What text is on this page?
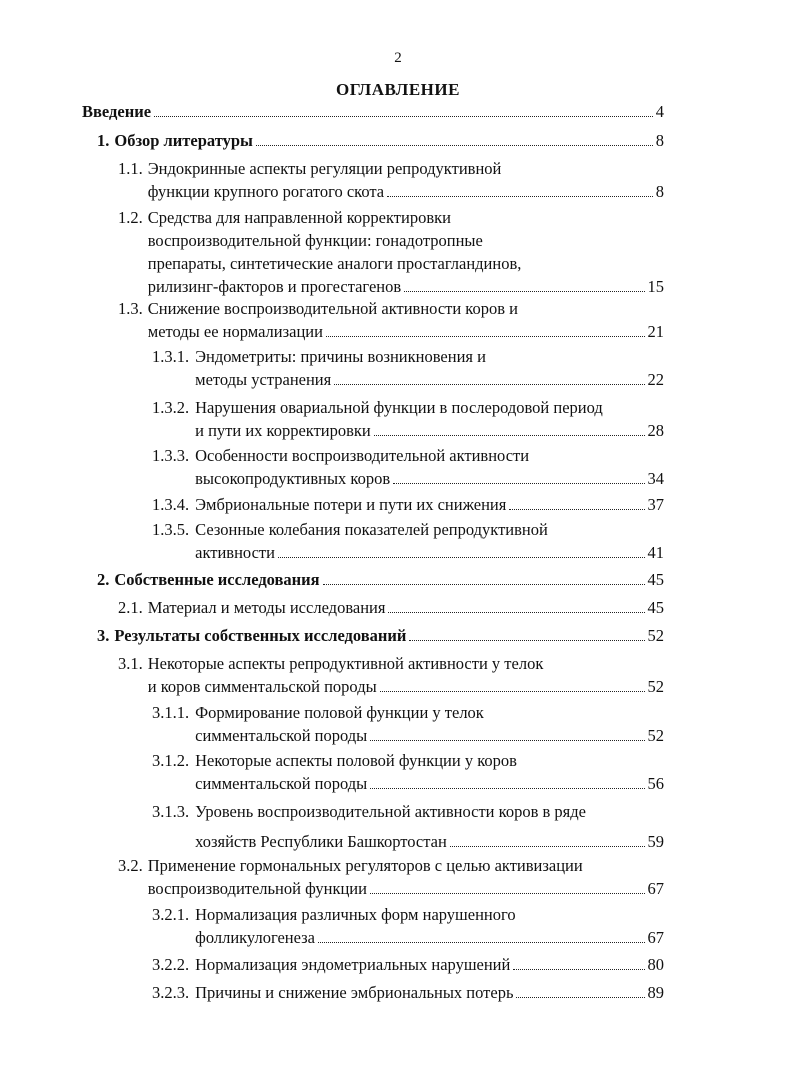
2
ОГЛАВЛЕНИЕ
Введение	4
1. Обзор литературы	8
1.1. Эндокринные аспекты регуляции репродуктивной
функции крупного рогатого скота	8
1.2. Средства для направленной корректировки
воспроизводительной функции: гонадотропные
препараты, синтетические аналоги простагландинов,
рилизинг-факторов и прогестагенов	15
1.3. Снижение воспроизводительной активности коров и
методы ее нормализации	21
1.3.1. Эндометриты: причины возникновения и
методы устранения	22
1.3.2. Нарушения овариальной функции в послеродовой период
и пути их корректировки	28
1.3.3. Особенности воспроизводительной активности
высокопродуктивных коров	34
1.3.4. Эмбриональные потери и пути их снижения	37
1.3.5. Сезонные колебания показателей репродуктивной
активности	41
2. Собственные исследования	45
2.1. Материал и методы исследования	45
3. Результаты собственных исследований	52
3.1. Некоторые аспекты репродуктивной активности у телок
и коров симментальской породы	52
3.1.1. Формирование половой функции у телок
симментальской породы	52
3.1.2. Некоторые аспекты половой функции у коров
симментальской породы	56
3.1.3. Уровень воспроизводительной активности коров в ряде
хозяйств Республики Башкортостан	59
3.2. Применение гормональных регуляторов с целью активизации
воспроизводительной функции	67
3.2.1. Нормализация различных форм нарушенного
фолликулогенеза	67
3.2.2. Нормализация эндометриальных нарушений	80
3.2.3. Причины и снижение эмбриональных потерь	89
